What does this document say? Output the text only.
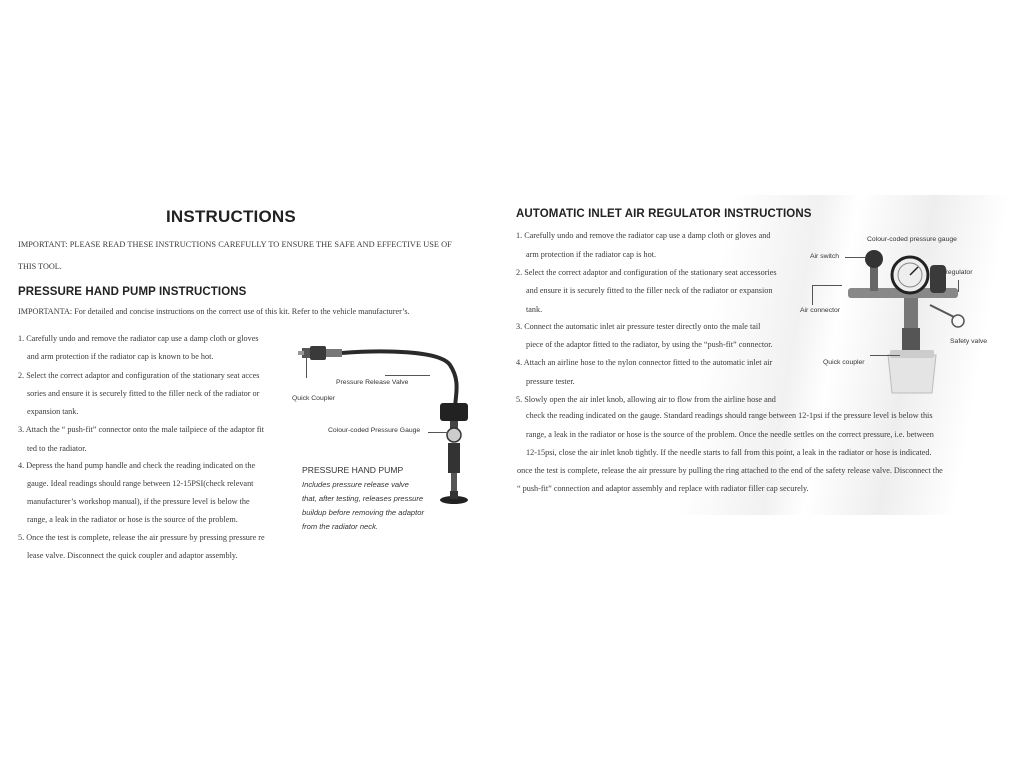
INSTRUCTIONS
IMPORTANT: PLEASE READ THESE INSTRUCTIONS CAREFULLY TO ENSURE THE SAFE AND EFFECTIVE USE OF
THIS TOOL.
PRESSURE HAND PUMP INSTRUCTIONS
IMPORTANTA: For detailed and concise instructions on the correct use of this kit. Refer to the vehicle manufacturer’s.
1. Carefully undo and remove the radiator cap use a damp cloth or gloves
and arm protection if the radiator cap is known to be hot.
2. Select the correct adaptor and configuration of the stationary seat acces
sories and ensure it is securely fitted to the filler neck of the radiator or
expansion tank.
3. Attach the “ push-fit” connector onto the male tailpiece of the adaptor fit
ted to the radiator.
4. Depress the hand pump handle and check the reading indicated on the
gauge. Ideal readings should range between 12-15PSI(check relevant
manufacturer’s workshop manual), if the pressure level is below the
range, a leak in the radiator or hose is the source of the problem.
5. Once the test is complete, release the air pressure by pressing pressure re
lease valve. Disconnect the quick coupler and adaptor assembly.
Quick Coupler
Pressure Release Valve
Colour-coded Pressure Gauge
PRESSURE HAND PUMP
Includes pressure release valve
that, after testing, releases pressure
buildup before removing the adaptor
from the radiator neck.
AUTOMATIC INLET AIR REGULATOR INSTRUCTIONS
1. Carefully undo and remove the radiator cap use a damp cloth or gloves and
arm protection if the radiator cap is hot.
2. Select the correct adaptor and configuration of the stationary seat accessories
and ensure it is securely fitted to the filler neck of the radiator or expansion
tank.
3. Connect the automatic inlet air pressure tester directly onto the male tail
piece of the adaptor fitted to the radiator, by using the “push-fit” connector.
4. Attach an airline hose to the nylon connector fitted to the automatic inlet air
pressure tester.
5. Slowly open the air inlet knob, allowing air to flow from the airline hose and
check the reading indicated on the gauge. Standard readings should range between 12-1psi if the pressure level is below this
range, a leak in the radiator or hose is the source of the problem. Once the needle settles on the correct pressure, i.e. between
12-15psi, close the air inlet knob tightly. If the needle starts to fall from this point, a leak in the radiator or hose is indicated.
once the test is complete, release the air pressure by pulling the ring attached to the end of the safety release valve. Disconnect the
“ push-fit” connection and adaptor assembly and replace with radiator filler cap securely.
Colour-coded pressure gauge
Air switch
Regulator
Air connector
Safety valve
Quick coupler
